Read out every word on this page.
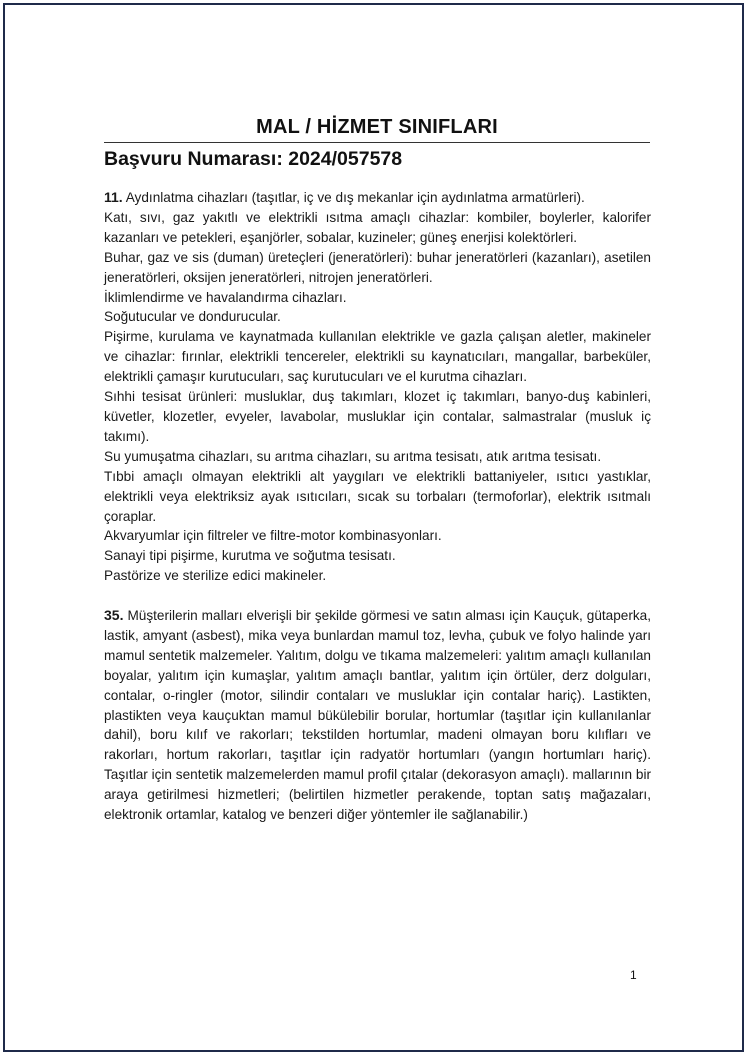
MAL / HİZMET SINIFLARI
Başvuru Numarası: 2024/057578

11. Aydınlatma cihazları (taşıtlar, iç ve dış mekanlar için aydınlatma armatürleri).

Katı, sıvı, gaz yakıtlı ve elektrikli ısıtma amaçlı cihazlar: kombiler, boylerler, kalorifer kazanları ve petekleri, eşanjörler, sobalar, kuzineler; güneş enerjisi kolektörleri.

Buhar, gaz ve sis (duman) üreteçleri (jeneratörleri): buhar jeneratörleri (kazanları), asetilen jeneratörleri, oksijen jeneratörleri, nitrojen jeneratörleri.

İklimlendirme ve havalandırma cihazları.

Soğutucular ve dondurucular.

Pişirme, kurulama ve kaynatmada kullanılan elektrikle ve gazla çalışan aletler, makineler ve cihazlar: fırınlar, elektrikli tencereler, elektrikli su kaynatıcıları, mangallar, barbeküler, elektrikli çamaşır kurutucuları, saç kurutucuları ve el kurutma cihazları.

Sıhhi tesisat ürünleri: musluklar, duş takımları, klozet iç takımları, banyo-duş kabinleri, küvetler, klozetler, evyeler, lavabolar, musluklar için contalar, salmastralar (musluk iç takımı).

Su yumuşatma cihazları, su arıtma cihazları, su arıtma tesisatı, atık arıtma tesisatı.

Tıbbi amaçlı olmayan elektrikli alt yaygıları ve elektrikli battaniyeler, ısıtıcı yastıklar, elektrikli veya elektriksiz ayak ısıtıcıları, sıcak su torbaları (termoforlar), elektrik ısıtmalı çoraplar.

Akvaryumlar için filtreler ve filtre-motor kombinasyonları.

Sanayi tipi pişirme, kurutma ve soğutma tesisatı.

Pastörize ve sterilize edici makineler.

35. Müşterilerin malları elverişli bir şekilde görmesi ve satın alması için Kauçuk, gütaperka, lastik, amyant (asbest), mika veya bunlardan mamul toz, levha, çubuk ve folyo halinde yarı mamul sentetik malzemeler. Yalıtım, dolgu ve tıkama malzemeleri: yalıtım amaçlı kullanılan boyalar, yalıtım için kumaşlar, yalıtım amaçlı bantlar, yalıtım için örtüler, derz dolguları, contalar, o-ringler (motor, silindir contaları ve musluklar için contalar hariç). Lastikten, plastikten veya kauçuktan mamul bükülebilir borular, hortumlar (taşıtlar için kullanılanlar dahil), boru kılıf ve rakorları; tekstilden hortumlar, madeni olmayan boru kılıfları ve rakorları, hortum rakorları, taşıtlar için radyatör hortumları (yangın hortumları hariç). Taşıtlar için sentetik malzemelerden mamul profil çıtalar (dekorasyon amaçlı). mallarının bir araya getirilmesi hizmetleri; (belirtilen hizmetler perakende, toptan satış mağazaları, elektronik ortamlar, katalog ve benzeri diğer yöntemler ile sağlanabilir.)

1
